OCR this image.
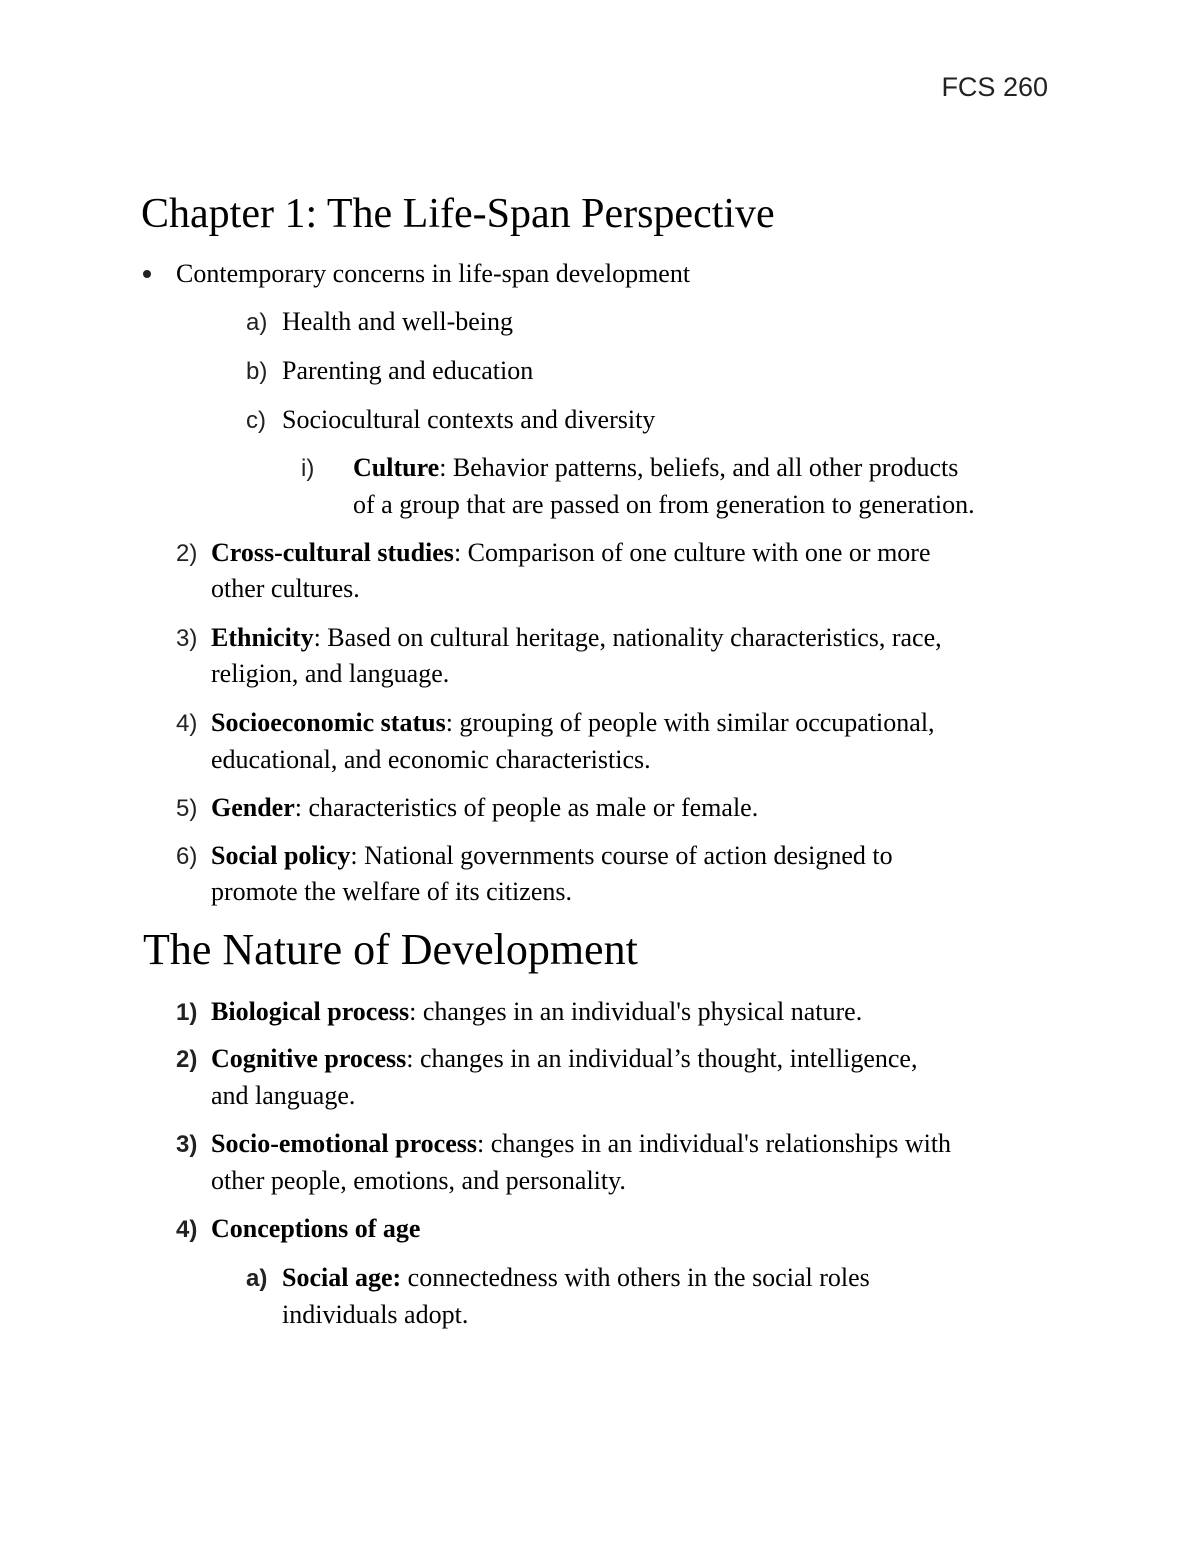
FCS 260
Chapter 1: The Life-Span Perspective
Contemporary concerns in life-span development
a) Health and well-being
b) Parenting and education
c) Sociocultural contexts and diversity
i) Culture: Behavior patterns, beliefs, and all other products
of a group that are passed on from generation to generation.
2) Cross-cultural studies: Comparison of one culture with one or more
other cultures.
3) Ethnicity: Based on cultural heritage, nationality characteristics, race,
religion, and language.
4) Socioeconomic status: grouping of people with similar occupational,
educational, and economic characteristics.
5) Gender: characteristics of people as male or female.
6) Social policy: National governments course of action designed to
promote the welfare of its citizens.
The Nature of Development
1) Biological process: changes in an individual's physical nature.
2) Cognitive process: changes in an individual’s thought, intelligence,
and language.
3) Socio-emotional process: changes in an individual's relationships with
other people, emotions, and personality.
4) Conceptions of age
a) Social age: connectedness with others in the social roles
individuals adopt.
